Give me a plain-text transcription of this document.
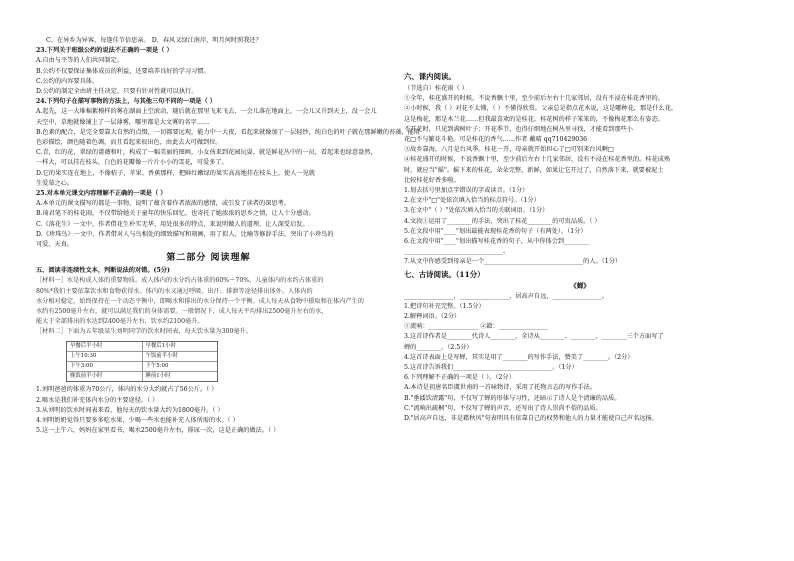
C、在异乡为异客，每逢佳节倍思亲。 D、春风又绿江南岸，明月何时照我还？
23.下列关于班级公约的说法不正确的一项是（ ）
A.自由与平等的人们共同制定。
B.公约不仅要保证集体成员的利益，还要培养良好的学习习惯。
C.公约的内容要具体。
D.公约的制定全由班主任决定，只要有针对性就可以执行。
24.下列句子在描写事物的方法上，与其他三句不同的一项是（ ）
A.起先，这一大堆棉絮模样的雾在湖面上空滚动，随后就在那里飞来飞去，一会儿落在地面上，一会儿又升到天上，没一会儿
天空中，草地就像铺上了一层薄雾，哪里都是大文雾的名字……
B.色素的配合，是完全要靠大自然的点缀，一切都要远观，能力中一大夜，看起来就像加了一层轻纱，纯白色的叶子就在那鲜嫩的苔藻，能用
色彩描绘，颜色随着色调，而且看起来很出色，由此去大可做到位。
C.青，红的花，翠绿的蔷薇和叶，构成了一幅美丽的图画，小女孩来到花园玩耍，就是鲜花丛中的一员，看起来也绿意盎然，
一样大，可以挂在枝头，白色的花瓣像一片片小小的雪花，可爱多了。
D.它的果实连在地上，不像桔子、苹果、香蕉那样，把鲜红嫩绿的果实高高地挂在枝头上，使人一见就
生爱慕之心。
25.对本单元课文内容理解不正确的一项是（ ）
A.本单元的课文描写的都是一事物，说明了蕴含着作者浓浓的感情，或引发了读者的深思考。
B.琦君笔下的桂花雨，不仅带给她关于童年的快乐回忆，也寄托了她浓浓的思乡之情，让人十分感动。
C.《落花生》一文中，作者借花生朴实无华、用处很多的特点，来说明做人的道理，让人深受启发。
D.《珍珠鸟》一文中，作者借对人与鸟相处的细致描写和刻画，用了拟人、比喻等修辞手法，突出了小珍鸟的
可爱、天真。
第二部分 阅读理解
五、阅读非连续性文本，判断说法的对错。(5分)
［材料一］水是构成人体的重要物质。成人体内的水分约占体重的60%～70%，儿童体内的水约占体重的
80%*我们主要依靠饮水和食物获得水。体内的水又通过呼吸、出汗、排泄等途径排出体外。人体内的
水分相对稳定，始终保持在一个动态平衡中，即喝水和排出的水分保持一个平衡。成人每天从食物中摄取和在体内产生的
水约有2500毫升左右，就可以满足我们的身体需要。一般情况下，成人每天平均排出2500毫升左右的水，
能大于全部排出的水达到2400毫升左右，饮水约2100毫升。
［材料二］下面为五年级某生刘明同学的饮水时间表，每天饮水量为300毫升。
早餐后半小时	早餐后1小时
上午10:30	午饭前半小时
下午3:00	下午5:00
晚饭前半小时	睡前1小时
1.刘明爸爸的体重为70公斤，体内的水分大约就占了56公斤。（ ）
2.喝水是我们补充体内水分的主要途径。（ ）
3.从刘明的饮水时间表来看，他每天的饮水量大约为1800毫升。（ ）
4.刘明奶奶觉得只要多多吃水果，少喝一些水也能补充人体所需的水。（ ）
5.这一上午六，妈妈在家里看书，喝水2500毫升左右，排尿一次，这是正确的做法。（ ）
六、课内阅读。
（节选自）桂花雨（ ）
①全年，桂花盛开的时候，不说香飘十里，至少前后左右十几家邻居，没有不浸在桂花香里的。
②小时候，我（ ）对花不太懂，（ ）不懂得欣赏。父亲总是指点花木说，这是哪种花，那是什么花。
这是梅花，那是木兰花……但我最喜欢的是桂花。桂花树的样子笨笨的，不像梅花那么有姿态。
不开花时，只见到满树叶子；开花季节，也得仔细地在树丛里寻找，才能看到那些小
花□不与繁花斗艳。可是桂花的香气……作者 戴晴 qq710429036
③故乡靠海，八月是台风季。桂花一开，母亲就开始担心了□可别来台风啊□
④桂花盛开的时候，不说香飘十里，至少前后左右十几家邻居，没有不浸在桂花香里的。桂花成熟
时，就应当"摇"。摇下来的桂花，朵朵完整，新鲜，如果让它开过了，自然落下来，就要被泥土
比较桂花好香多啦。
1.划去括号里加点字错误的字或读音。（1分）
2.在文中"□"处依次填入恰当的标点符号。（1分）
3.在文中"（ ）"处依次填入恰当的关联词语。（1分）
4.文段①运用了________的手法，突出了桂花________的可贵品质。（ ）
5.在文段中用"____"划出最能表现桂花香的句子（有两处）。（1分）
6.在文段中用"____"划出描写桂花香的句子，从中你体会到________
________________________________。
7.从文中你感受到母亲是一个________________________________的人。（1分）
七、古诗阅读。（11分）
《蝉》
________________，________________，居高声自远，________________。
1.把诗句补充完整。（1.5分）
2.解释词语。（2分）
①流响：________________ ②籍：________________
3.这首诗作者是________代诗人________，全诗从________、________、________三个方面写了
蝉的________。（2.5分）
4.这首诗表面上是写蝉，其实是用了________的写作手法，赞美了________。（2分）
5.这首诗告诉我们________________________________。（1分）
6.下列理解不正确的一项是（ ）。（2分）
A.本诗是初唐名臣虞世南的一首咏物诗，采用了托物言志的写作手法。
B."垂緌饮清露"句，不仅写了蝉的形体与习性，还暗示了诗人是个清廉的品质。
C."流响出疏桐"句，不仅写了蝉的声音，还写出了诗人崇尚不俗的品质。
D."居高声自远，非是藉秋风"句表明具有依靠自己的权势和他人的力量才能使自己声名远扬。
